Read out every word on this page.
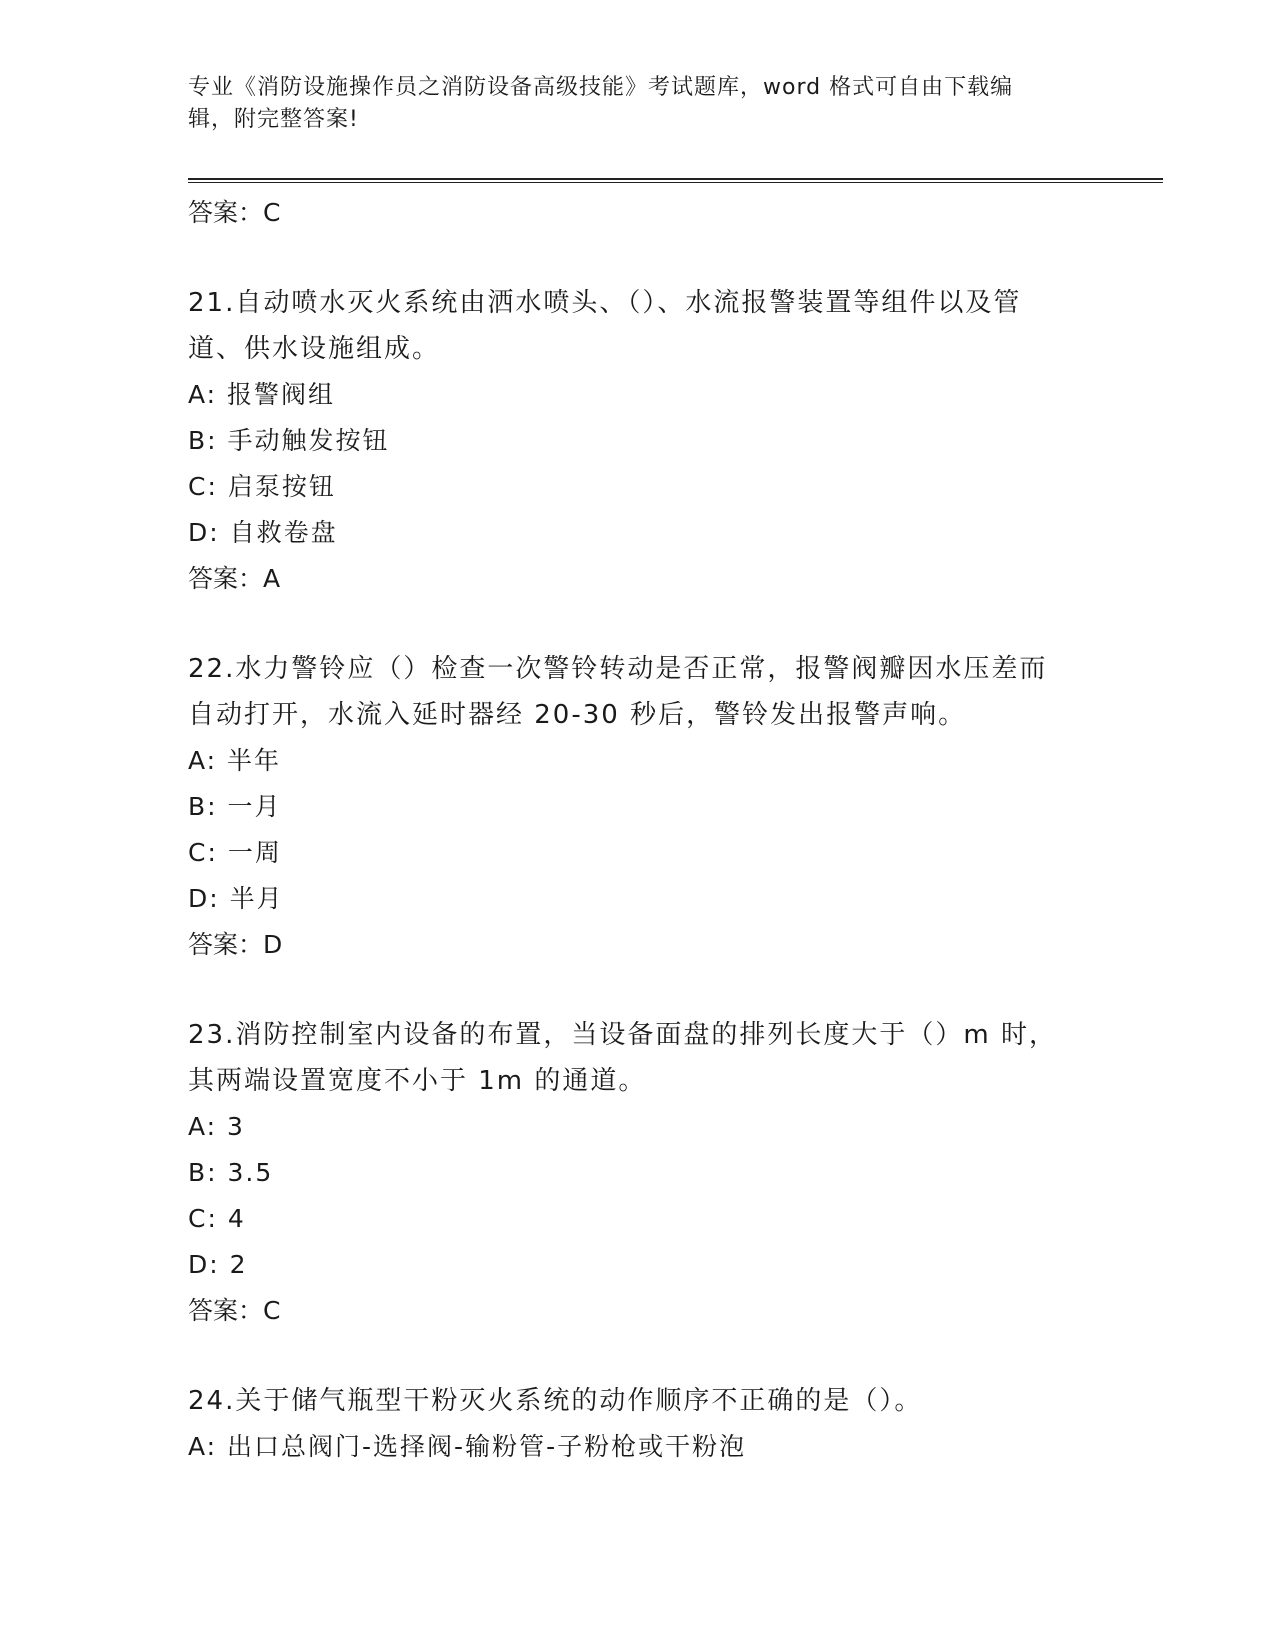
专业《消防设施操作员之消防设备高级技能》考试题库，word 格式可自由下载编
辑，附完整答案!
答案：C
21.自动喷水灭火系统由洒水喷头、（）、水流报警装置等组件以及管
道、供水设施组成。
A: 报警阀组
B: 手动触发按钮
C: 启泵按钮
D: 自救卷盘
答案：A
22.水力警铃应（）检查一次警铃转动是否正常，报警阀瓣因水压差而
自动打开，水流入延时器经 20-30 秒后，警铃发出报警声响。
A: 半年
B: 一月
C: 一周
D: 半月
答案：D
23.消防控制室内设备的布置，当设备面盘的排列长度大于（）m 时，
其两端设置宽度不小于 1m 的通道。
A: 3
B: 3.5
C: 4
D: 2
答案：C
24.关于储气瓶型干粉灭火系统的动作顺序不正确的是（）。
A: 出口总阀门-选择阀-输粉管-子粉枪或干粉泡
